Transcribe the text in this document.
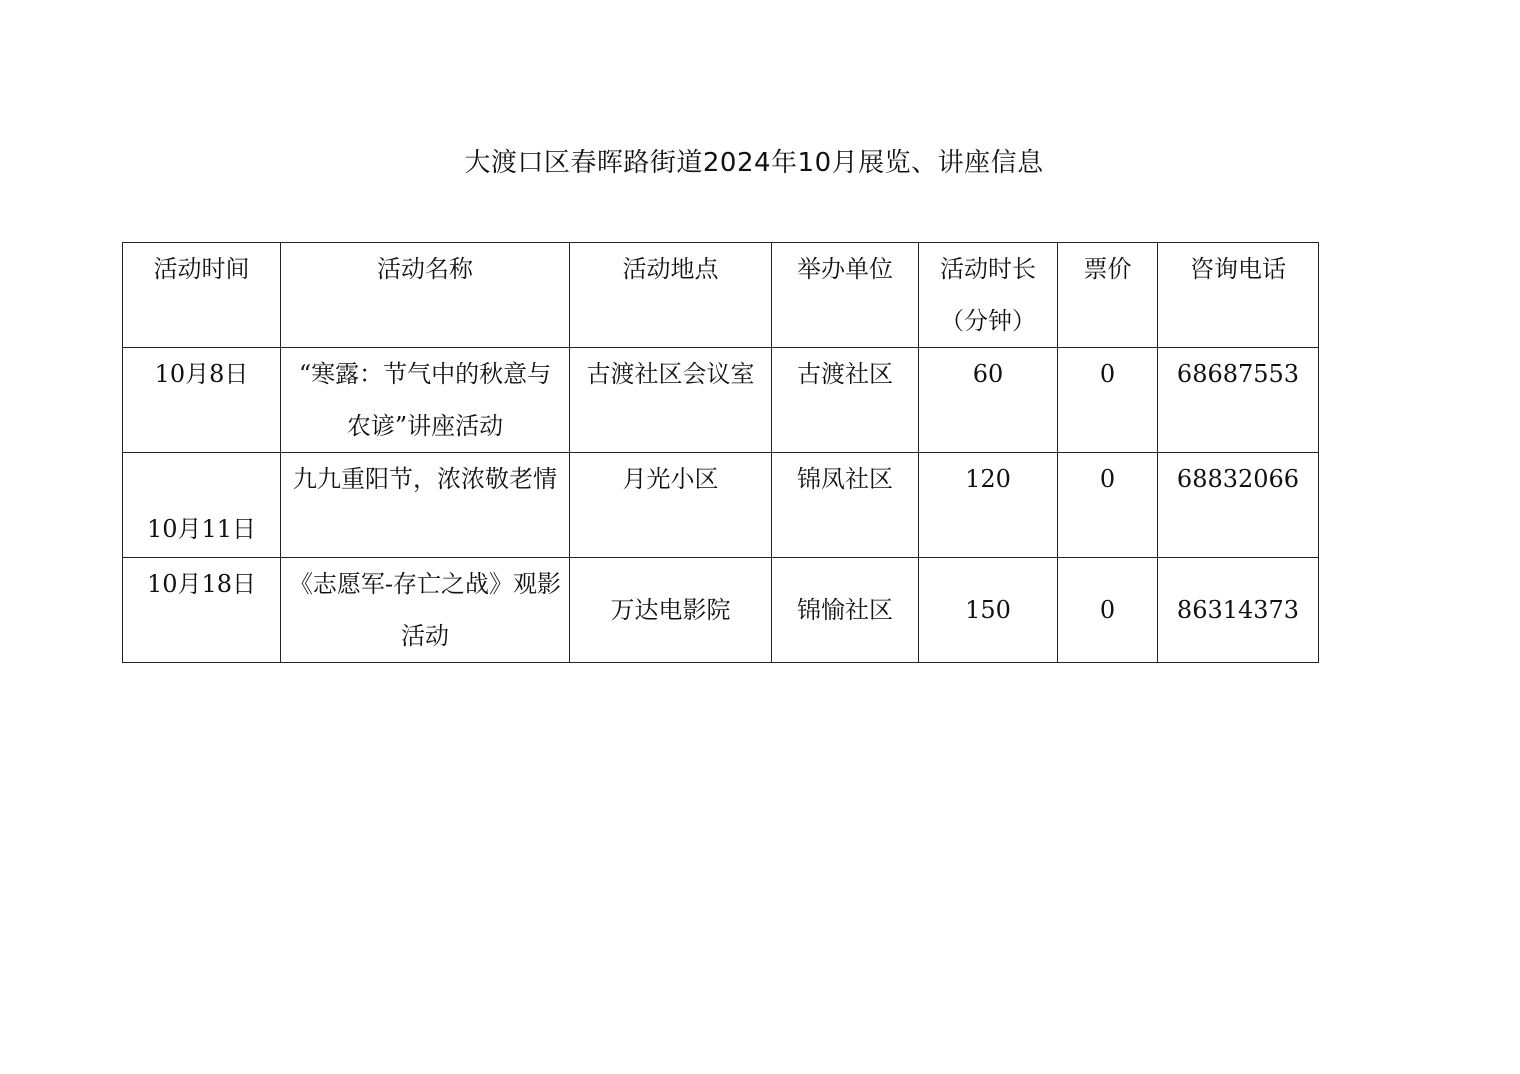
大渡口区春晖路街道2024年10月展览、讲座信息
活动时间	活动名称	活动地点	举办单位	活动时长（分钟）	票价	咨询电话
10月8日	“寒露：节气中的秋意与农谚”讲座活动	古渡社区会议室	古渡社区	60	0	68687553
10月11日	九九重阳节，浓浓敬老情	月光小区	锦凤社区	120	0	68832066
10月18日	《志愿军-存亡之战》观影活动	万达电影院	锦愉社区	150	0	86314373
